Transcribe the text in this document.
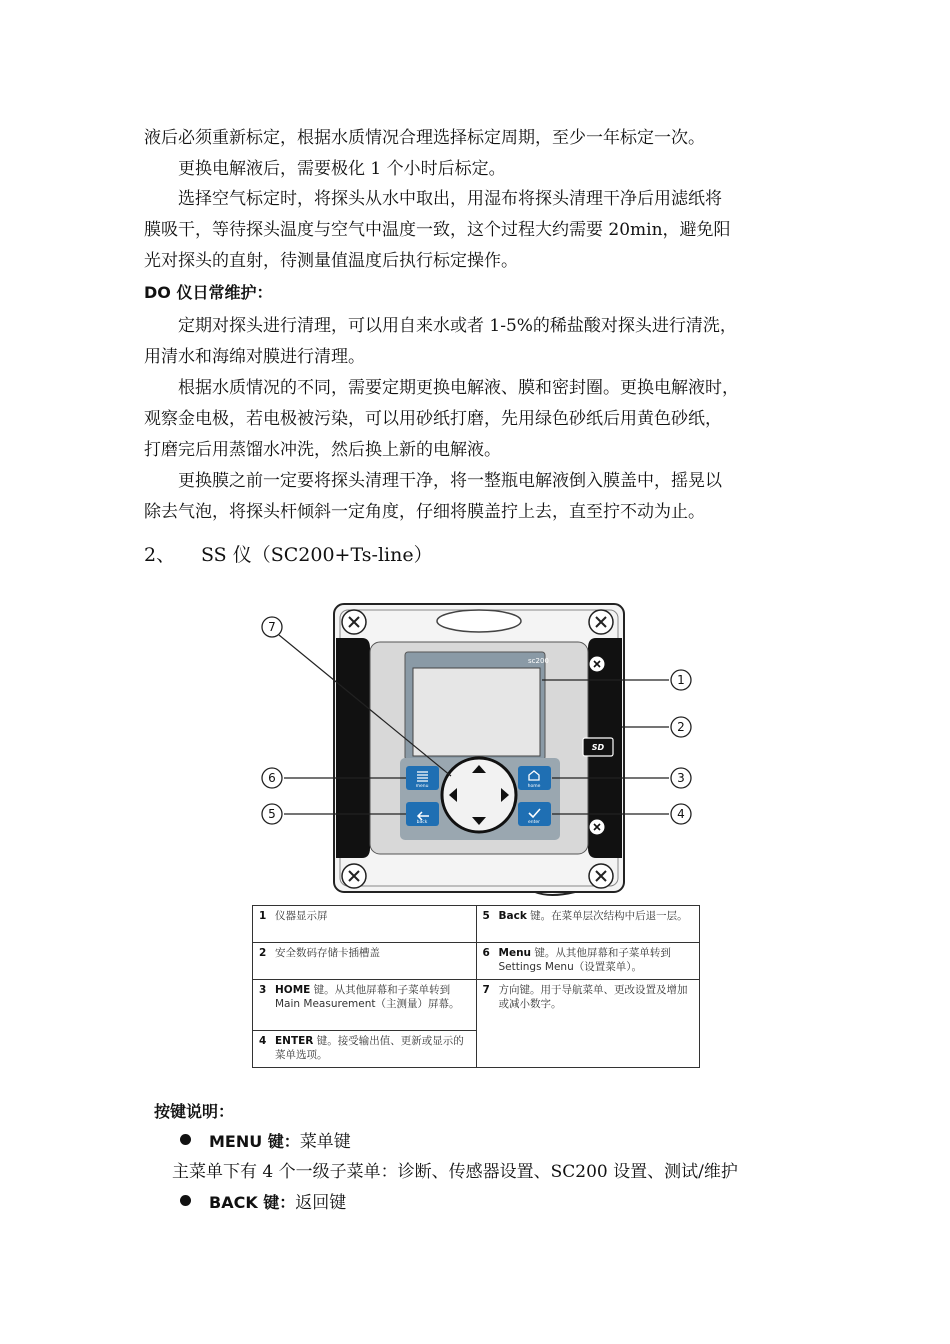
液后必须重新标定，根据水质情况合理选择标定周期，至少一年标定一次。
更换电解液后，需要极化 1 个小时后标定。
选择空气标定时，将探头从水中取出，用湿布将探头清理干净后用滤纸将
膜吸干，等待探头温度与空气中温度一致，这个过程大约需要 20min，避免阳
光对探头的直射，待测量值温度后执行标定操作。
DO 仪日常维护：
定期对探头进行清理，可以用自来水或者 1-5%的稀盐酸对探头进行清洗，
用清水和海绵对膜进行清理。
根据水质情况的不同，需要定期更换电解液、膜和密封圈。更换电解液时，
观察金电极，若电极被污染，可以用砂纸打磨，先用绿色砂纸后用黄色砂纸，
打磨完后用蒸馏水冲洗，然后换上新的电解液。
更换膜之前一定要将探头清理干净，将一整瓶电解液倒入膜盖中，摇晃以
除去气泡，将探头杆倾斜一定角度，仔细将膜盖拧上去，直至拧不动为止。
2、 SS 仪（SC200+Ts-line）
sc200
SD
menu
back
home
enter
7
1
2
3
4
6
5
1 仪器显示屏	5 Back 键。在菜单层次结构中后退一层。
2 安全数码存储卡插槽盖	6 Menu 键。从其他屏幕和子菜单转到 Settings Menu（设置菜单）。
3 HOME 键。从其他屏幕和子菜单转到 Main Measurement（主测量）屏幕。	7 方向键。用于导航菜单、更改设置及增加或减小数字。
4 ENTER 键。接受输出值、更新或显示的菜单选项。	
按键说明：
MENU 键：菜单键
主菜单下有 4 个一级子菜单：诊断、传感器设置、SC200 设置、测试/维护
BACK 键：返回键
